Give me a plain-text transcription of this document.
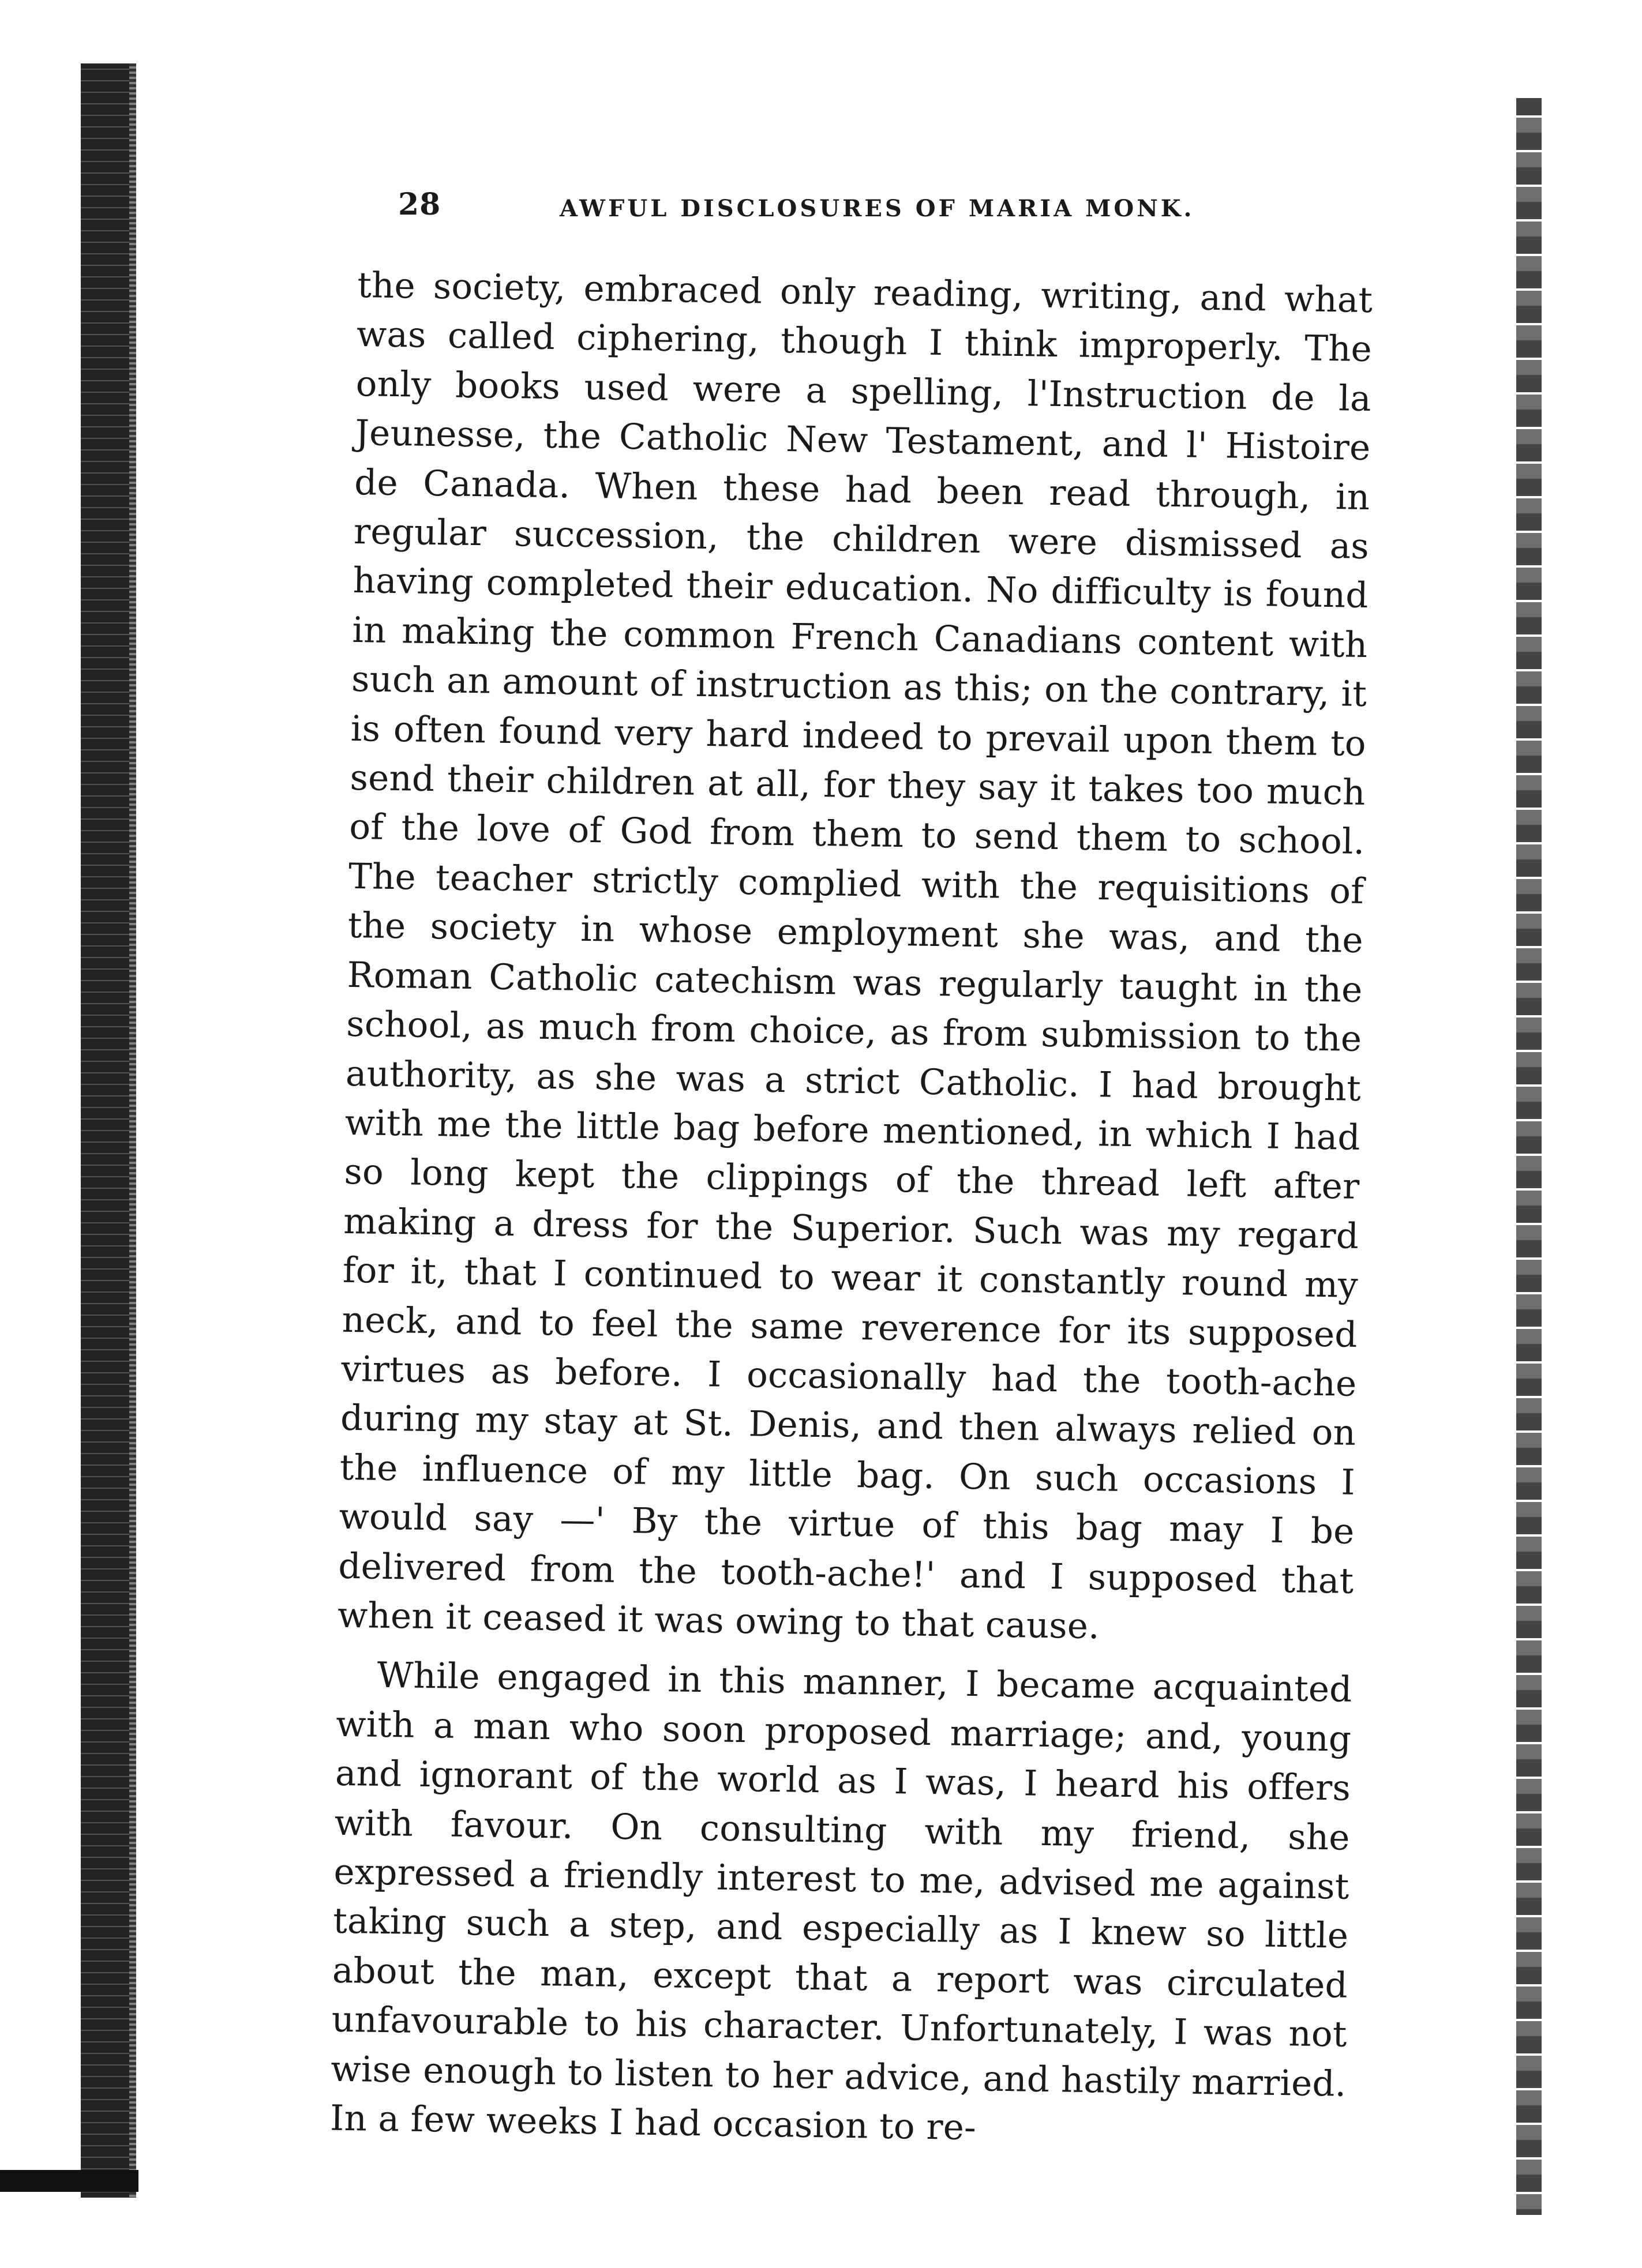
28	AWFUL DISCLOSURES OF MARIA MONK.

the society, embraced only reading, writing, and what was called ciphering, though I think improperly. The only books used were a spelling, l'Instruction de la Jeunesse, the Catholic New Testament, and l' Histoire de Canada. When these had been read through, in regular succession, the children were dismissed as having completed their education. No difficulty is found in making the common French Canadians content with such an amount of instruction as this; on the contrary, it is often found very hard indeed to prevail upon them to send their children at all, for they say it takes too much of the love of God from them to send them to school. The teacher strictly complied with the requisitions of the society in whose employment she was, and the Roman Catholic catechism was regularly taught in the school, as much from choice, as from submission to the authority, as she was a strict Catholic. I had brought with me the little bag before mentioned, in which I had so long kept the clippings of the thread left after making a dress for the Superior. Such was my regard for it, that I continued to wear it constantly round my neck, and to feel the same reverence for its supposed virtues as before. I occasionally had the tooth-ache during my stay at St. Denis, and then always relied on the influence of my little bag. On such occasions I would say —' By the virtue of this bag may I be delivered from the tooth-ache!' and I supposed that when it ceased it was owing to that cause.

While engaged in this manner, I became acquainted with a man who soon proposed marriage; and, young and ignorant of the world as I was, I heard his offers with favour. On consulting with my friend, she expressed a friendly interest to me, advised me against taking such a step, and especially as I knew so little about the man, except that a report was circulated unfavourable to his character. Unfortunately, I was not wise enough to listen to her advice, and hastily married. In a few weeks I had occasion to re-
